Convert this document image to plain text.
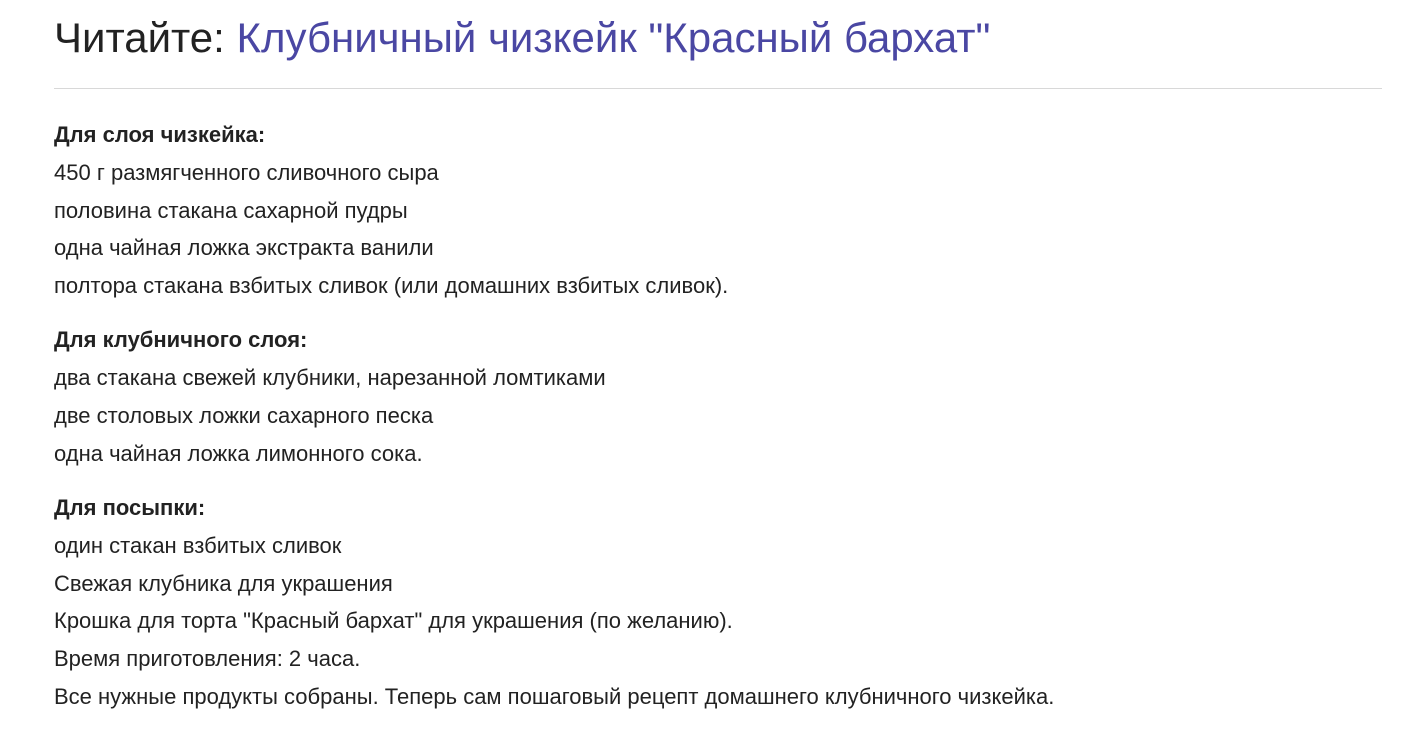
Читайте: Клубничный чизкейк "Красный бархат"
Для слоя чизкейка:
450 г размягченного сливочного сыра
половина стакана сахарной пудры
одна чайная ложка экстракта ванили
полтора стакана взбитых сливок (или домашних взбитых сливок).
Для клубничного слоя:
два стакана свежей клубники, нарезанной ломтиками
две столовых ложки сахарного песка
одна чайная ложка лимонного сока.
Для посыпки:
один стакан взбитых сливок
Свежая клубника для украшения
Крошка для торта "Красный бархат" для украшения (по желанию).
Время приготовления: 2 часа.
Все нужные продукты собраны. Теперь сам пошаговый рецепт домашнего клубничного чизкейка.
